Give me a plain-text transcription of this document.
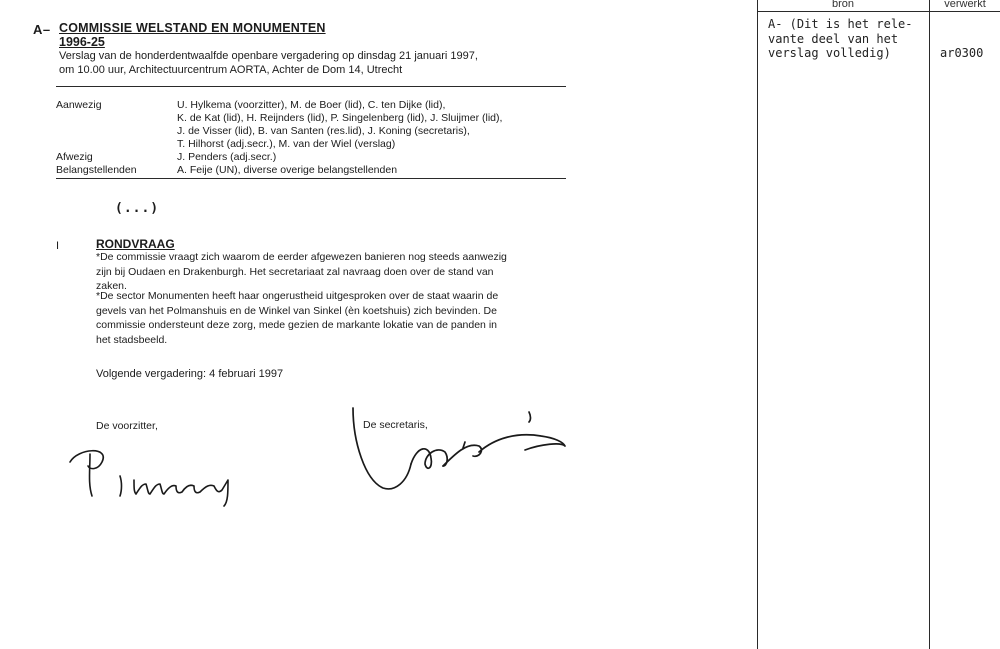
bron	verwerkt
A- (Dit is het rele-
vante deel van het
verslag volledig)	ar0300
A– COMMISSIE WELSTAND EN MONUMENTEN
1996-25
Verslag van de honderdentwaalfde openbare vergadering op dinsdag 21 januari 1997,
om 10.00 uur, Architectuurcentrum AORTA, Achter de Dom 14, Utrecht
Aanwezig	U. Hylkema (voorzitter), M. de Boer (lid), C. ten Dijke (lid),
K. de Kat (lid), H. Reijnders (lid), P. Singelenberg (lid), J. Sluijmer (lid),
J. de Visser (lid), B. van Santen (res.lid), J. Koning (secretaris),
T. Hilhorst (adj.secr.), M. van der Wiel (verslag)
Afwezig	J. Penders (adj.secr.)
Belangstellenden	A. Feije (UN), diverse overige belangstellenden
(...)
I	RONDVRAAG
*De commissie vraagt zich waarom de eerder afgewezen banieren nog steeds aanwezig
zijn bij Oudaen en Drakenburgh. Het secretariaat zal navraag doen over de stand van
zaken.
*De sector Monumenten heeft haar ongerustheid uitgesproken over de staat waarin de
gevels van het Polmanshuis en de Winkel van Sinkel (èn koetshuis) zich bevinden. De
commissie ondersteunt deze zorg, mede gezien de markante lokatie van de panden in
het stadsbeeld.
Volgende vergadering: 4 februari 1997
De voorzitter,	De secretaris,
